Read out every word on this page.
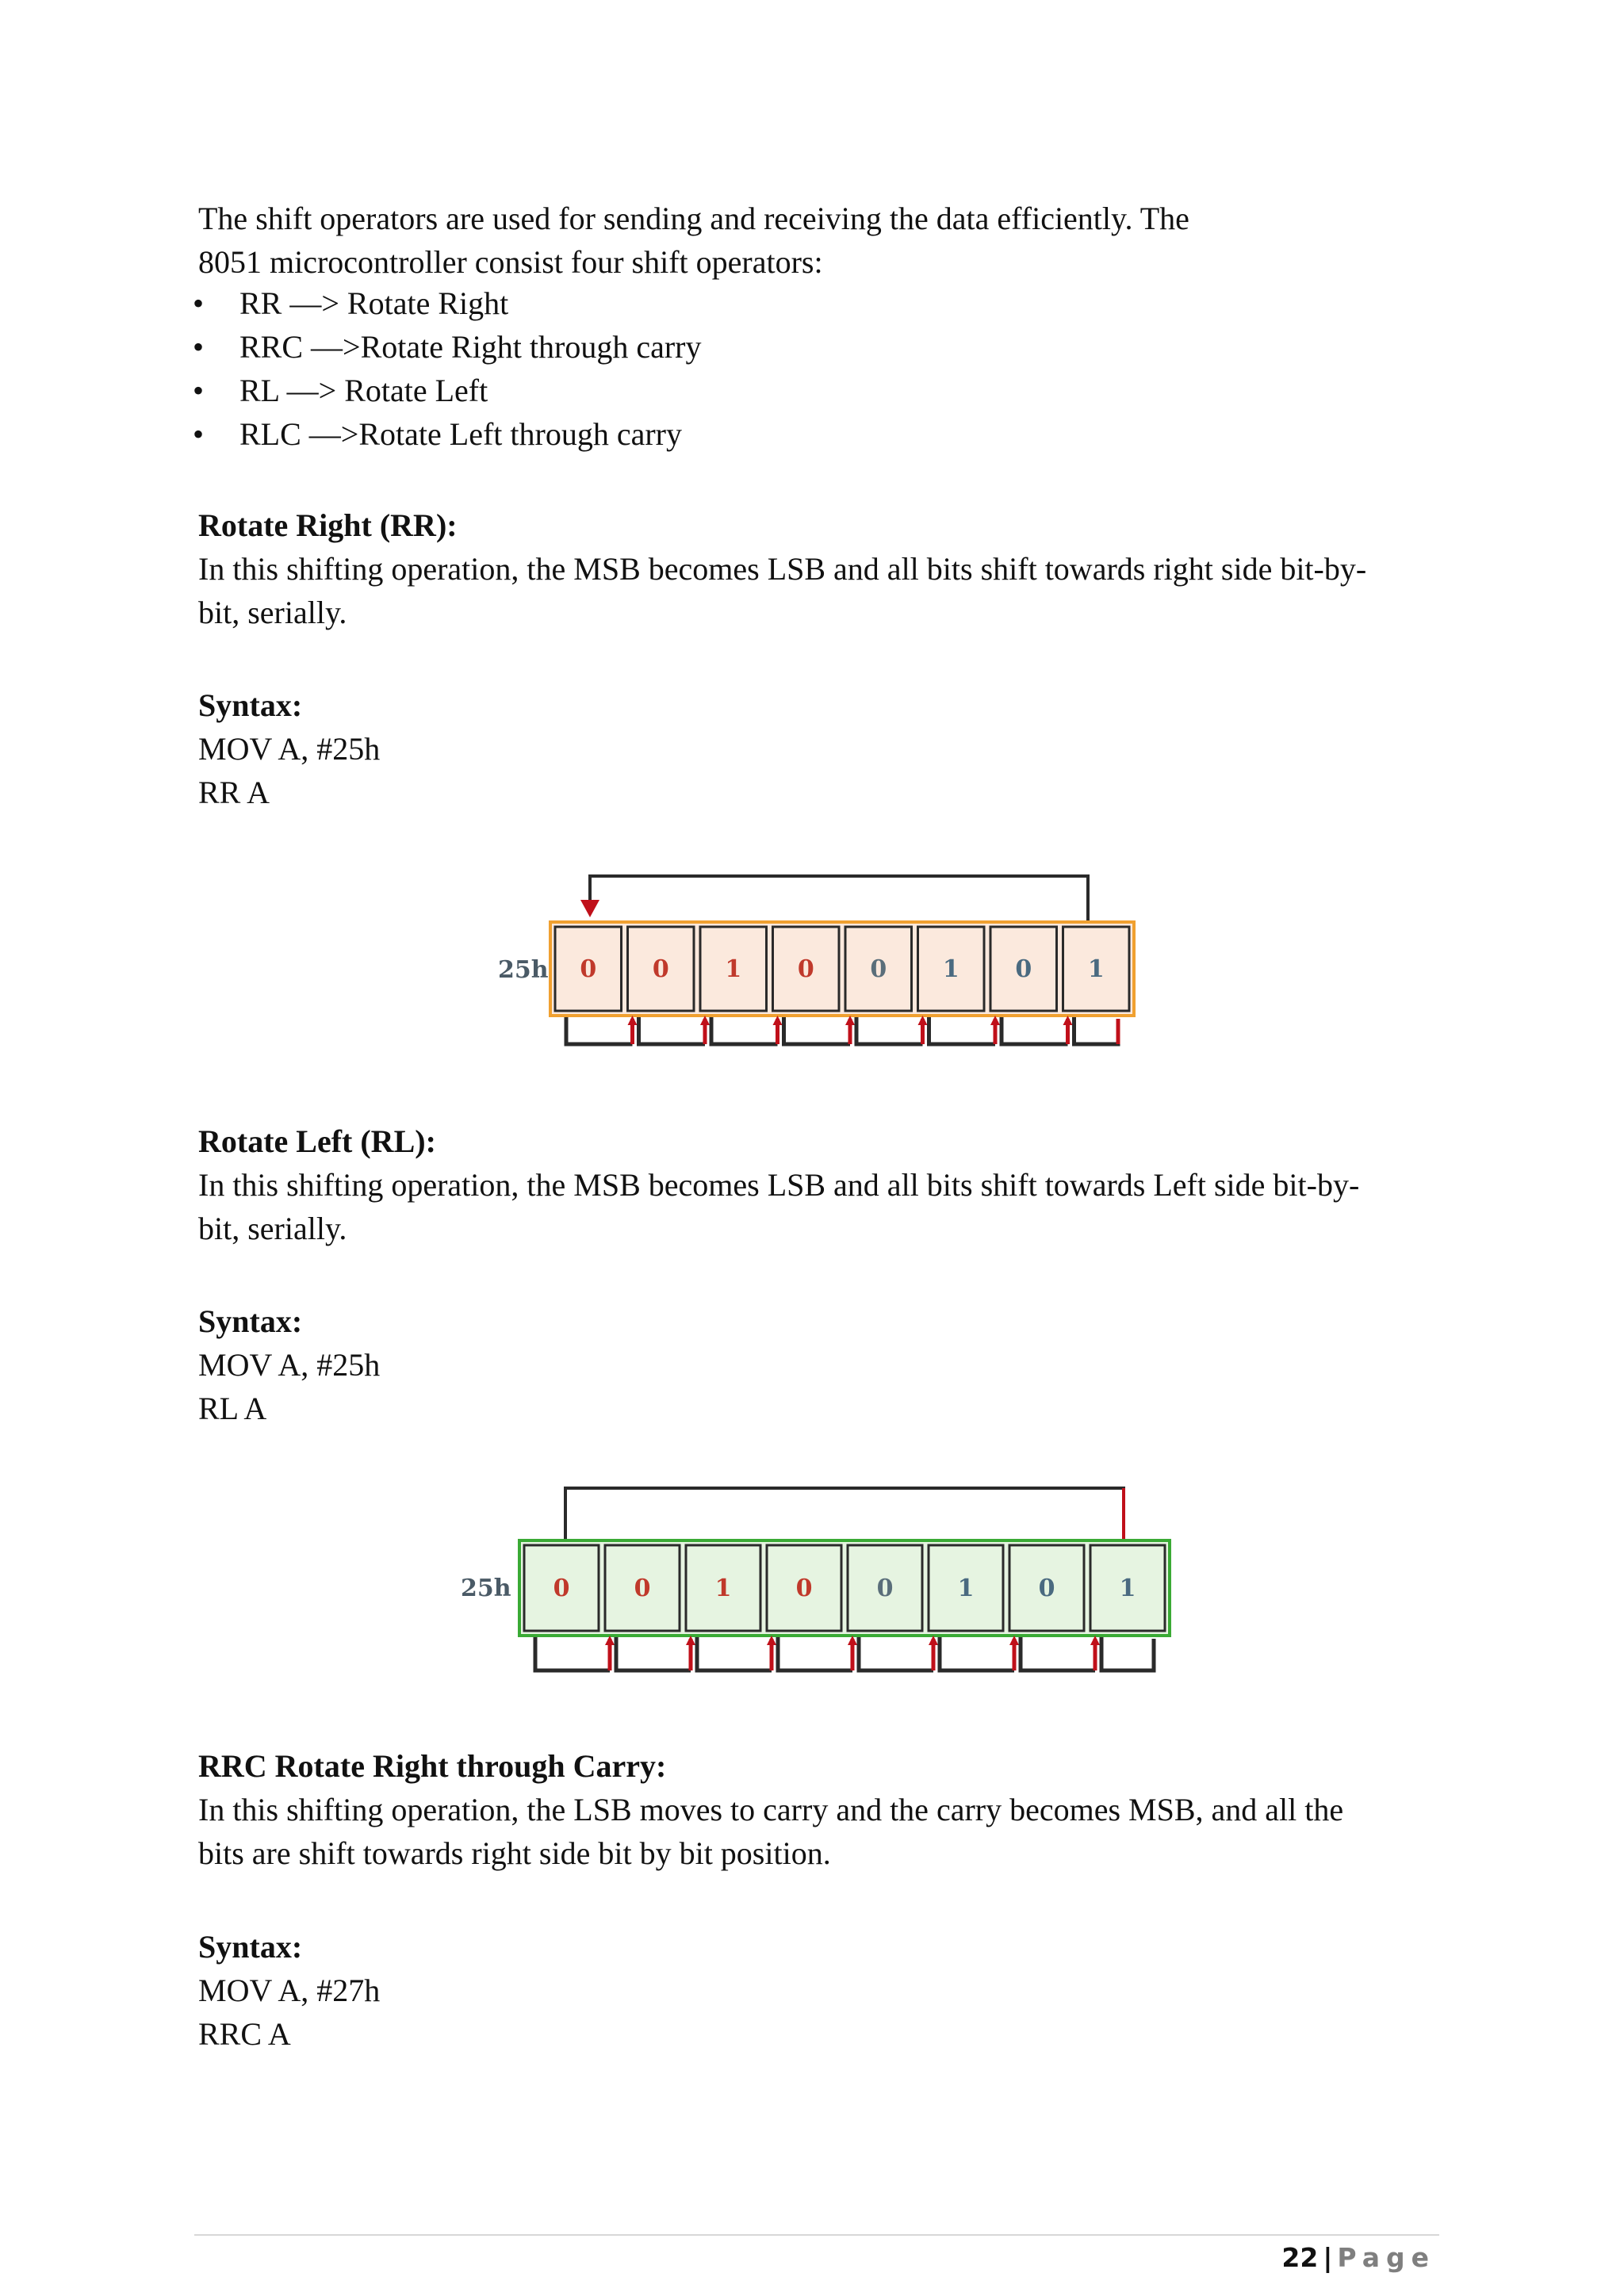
The shift operators are used for sending and receiving the data efficiently. The

8051 microcontroller consist four shift operators:

• RR —> Rotate Right
• RRC —>Rotate Right through carry
• RL —> Rotate Left
• RLC —>Rotate Left through carry

Rotate Right (RR):

In this shifting operation, the MSB becomes LSB and all bits shift towards right side bit-by-

bit, serially.

Syntax:

MOV A, #25h

RR A

0 0 1 0 0 1 0 1
25h

Rotate Left (RL):

In this shifting operation, the MSB becomes LSB and all bits shift towards Left side bit-by-

bit, serially.

Syntax:

MOV A, #25h

RL A

0	0	1	0	0	1	0	1
25h

RRC Rotate Right through Carry:

In this shifting operation, the LSB moves to carry and the carry becomes MSB, and all the

bits are shift towards right side bit by bit position.

Syntax:

MOV A, #27h

RRC A

22 | Page
